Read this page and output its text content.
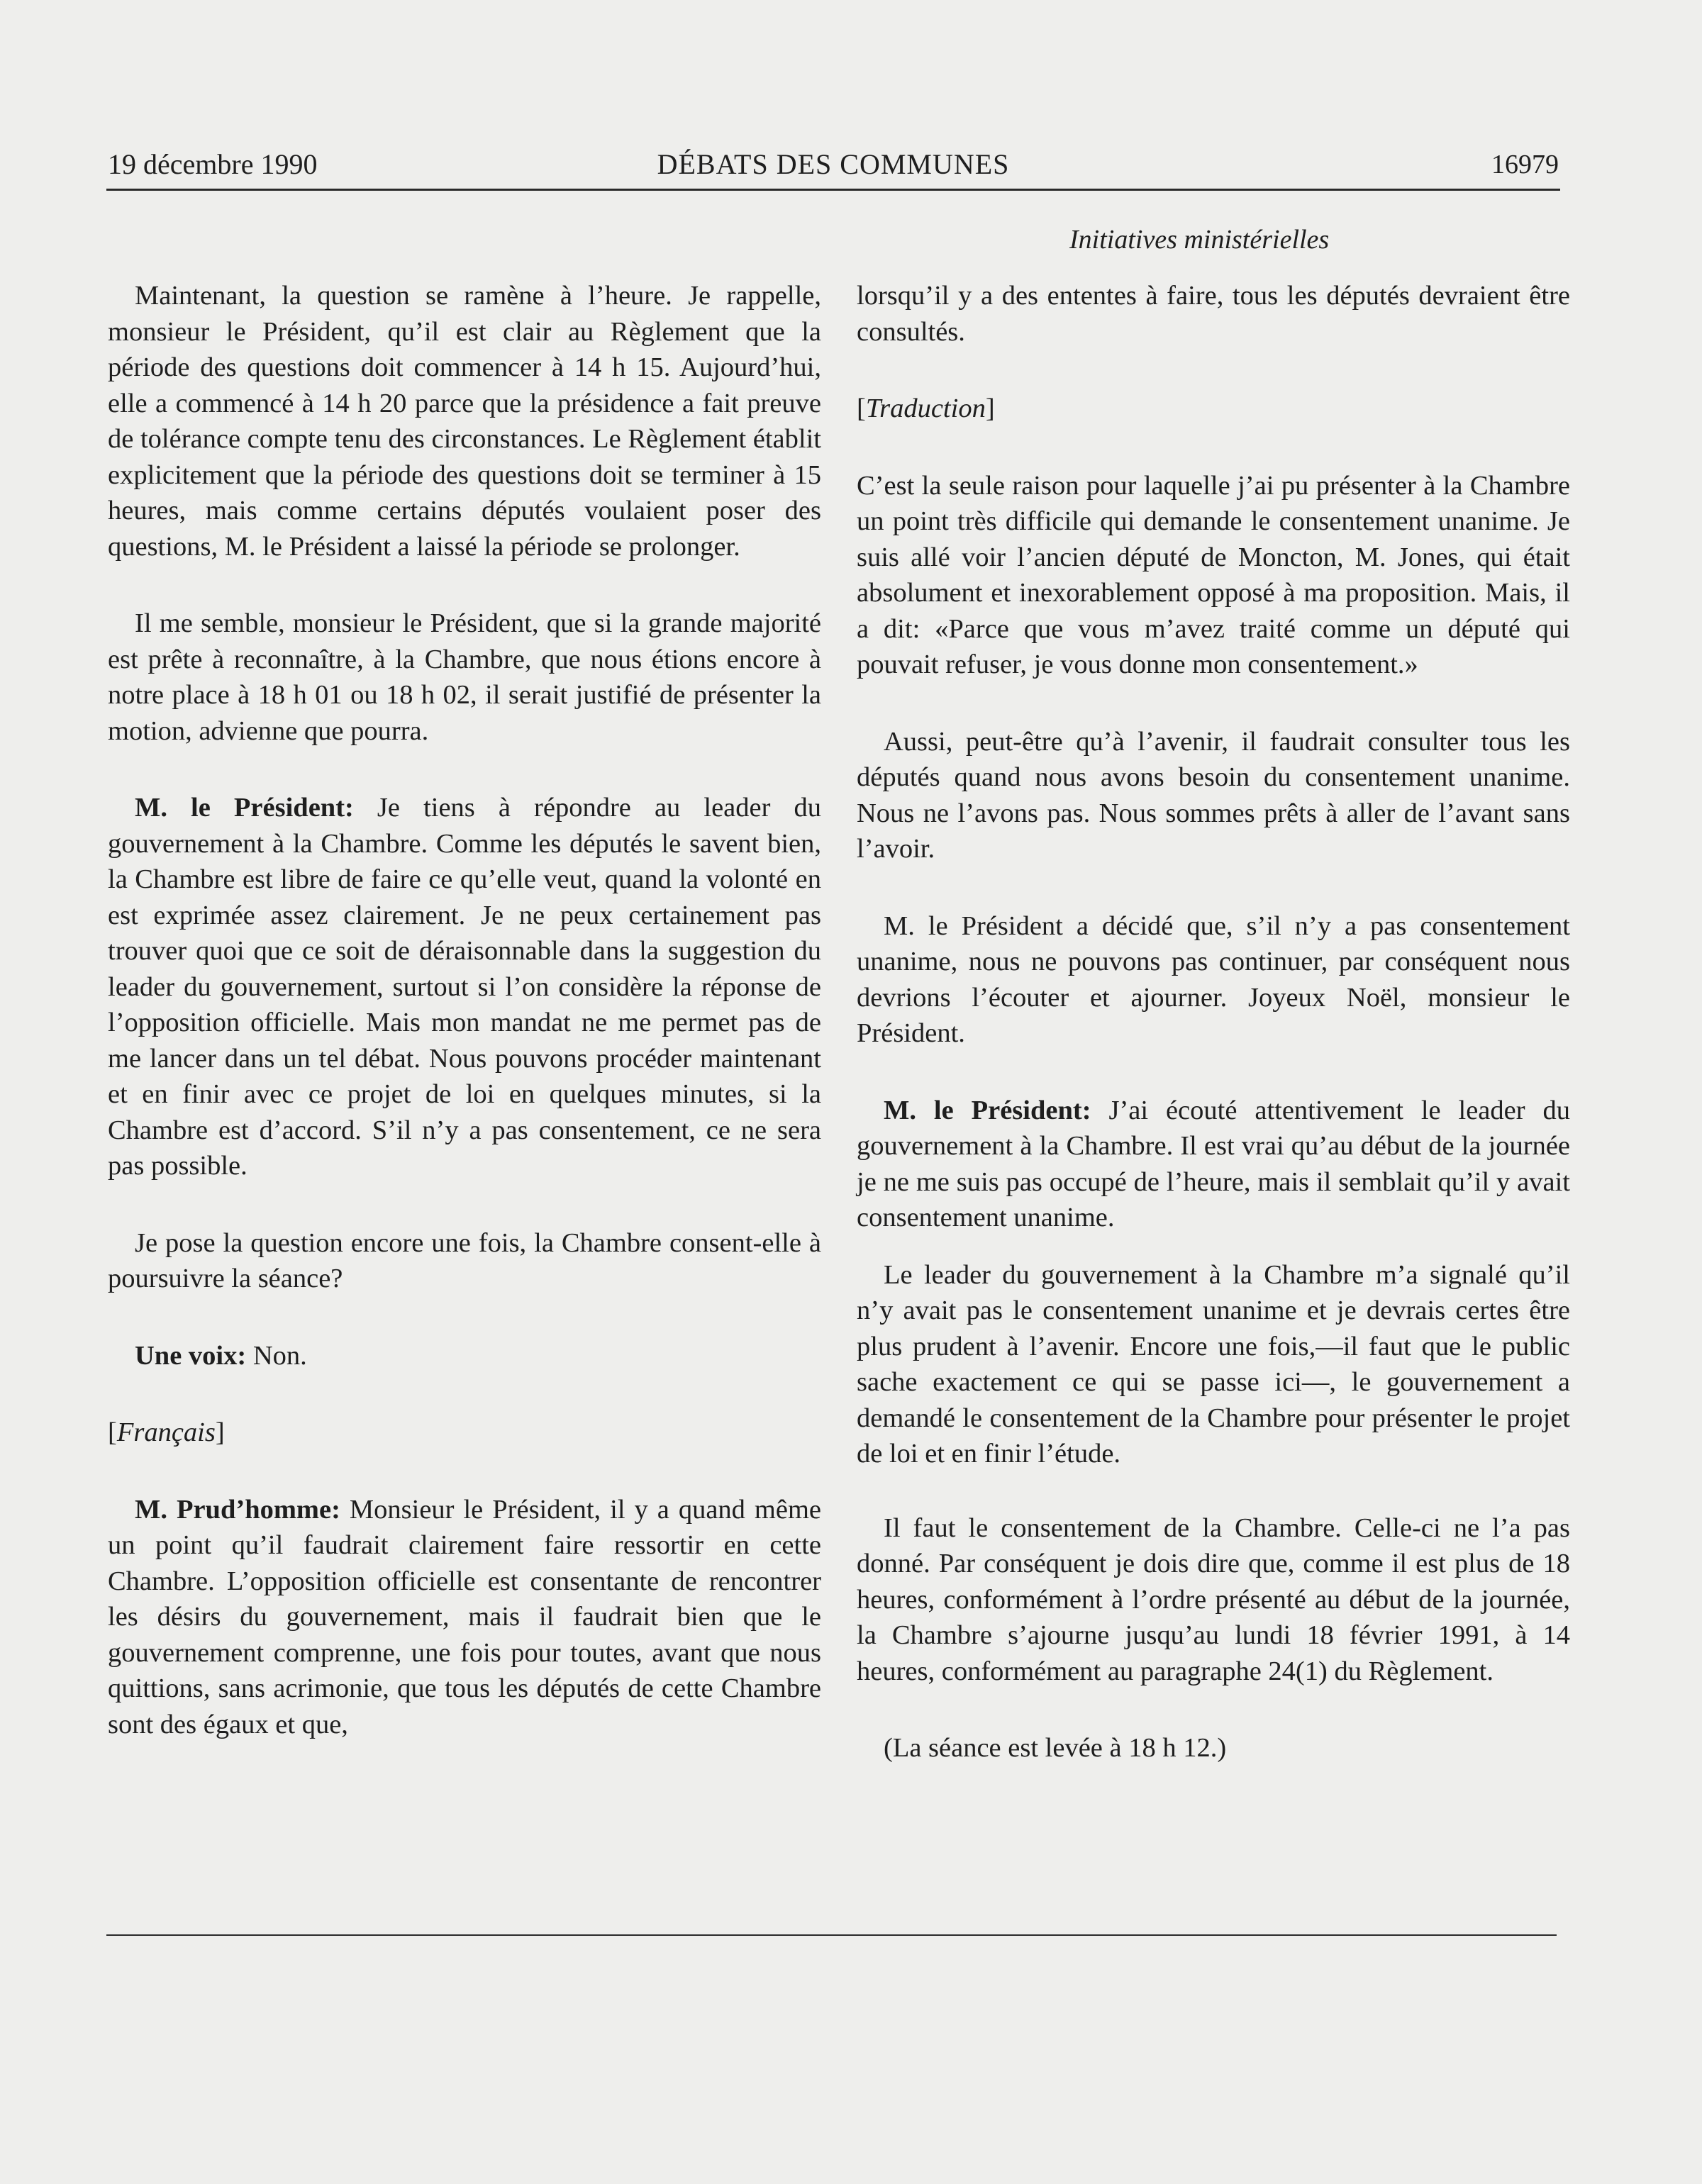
19 décembre 1990	DÉBATS DES COMMUNES	16979
Initiatives ministérielles

Maintenant, la question se ramène à l’heure. Je rappelle, monsieur le Président, qu’il est clair au Règlement que la période des questions doit commencer à 14 h 15. Aujourd’hui, elle a commencé à 14 h 20 parce que la présidence a fait preuve de tolérance compte tenu des circonstances. Le Règlement établit explicitement que la période des questions doit se terminer à 15 heures, mais comme certains députés voulaient poser des questions, M. le Président a laissé la période se prolonger.

Il me semble, monsieur le Président, que si la grande majorité est prête à reconnaître, à la Chambre, que nous étions encore à notre place à 18 h 01 ou 18 h 02, il serait justifié de présenter la motion, advienne que pourra.

M. le Président: Je tiens à répondre au leader du gouvernement à la Chambre. Comme les députés le savent bien, la Chambre est libre de faire ce qu’elle veut, quand la volonté en est exprimée assez clairement. Je ne peux certainement pas trouver quoi que ce soit de déraisonnable dans la suggestion du leader du gouvernement, surtout si l’on considère la réponse de l’opposition officielle. Mais mon mandat ne me permet pas de me lancer dans un tel débat. Nous pouvons procéder maintenant et en finir avec ce projet de loi en quelques minutes, si la Chambre est d’accord. S’il n’y a pas consentement, ce ne sera pas possible.

Je pose la question encore une fois, la Chambre consent-elle à poursuivre la séance?

Une voix: Non.

[Français]

M. Prud’homme: Monsieur le Président, il y a quand même un point qu’il faudrait clairement faire ressortir en cette Chambre. L’opposition officielle est consentante de rencontrer les désirs du gouvernement, mais il faudrait bien que le gouvernement comprenne, une fois pour toutes, avant que nous quittions, sans acrimonie, que tous les députés de cette Chambre sont des égaux et que,

lorsqu’il y a des ententes à faire, tous les députés devraient être consultés.

[Traduction]

C’est la seule raison pour laquelle j’ai pu présenter à la Chambre un point très difficile qui demande le consentement unanime. Je suis allé voir l’ancien député de Moncton, M. Jones, qui était absolument et inexorablement opposé à ma proposition. Mais, il a dit: «Parce que vous m’avez traité comme un député qui pouvait refuser, je vous donne mon consentement.»

Aussi, peut-être qu’à l’avenir, il faudrait consulter tous les députés quand nous avons besoin du consentement unanime. Nous ne l’avons pas. Nous sommes prêts à aller de l’avant sans l’avoir.

M. le Président a décidé que, s’il n’y a pas consentement unanime, nous ne pouvons pas continuer, par conséquent nous devrions l’écouter et ajourner. Joyeux Noël, monsieur le Président.

M. le Président: J’ai écouté attentivement le leader du gouvernement à la Chambre. Il est vrai qu’au début de la journée je ne me suis pas occupé de l’heure, mais il semblait qu’il y avait consentement unanime.

Le leader du gouvernement à la Chambre m’a signalé qu’il n’y avait pas le consentement unanime et je devrais certes être plus prudent à l’avenir. Encore une fois,—il faut que le public sache exactement ce qui se passe ici—, le gouvernement a demandé le consentement de la Chambre pour présenter le projet de loi et en finir l’étude.

Il faut le consentement de la Chambre. Celle-ci ne l’a pas donné. Par conséquent je dois dire que, comme il est plus de 18 heures, conformément à l’ordre présenté au début de la journée, la Chambre s’ajourne jusqu’au lundi 18 février 1991, à 14 heures, conformément au paragraphe 24(1) du Règlement.

(La séance est levée à 18 h 12.)
